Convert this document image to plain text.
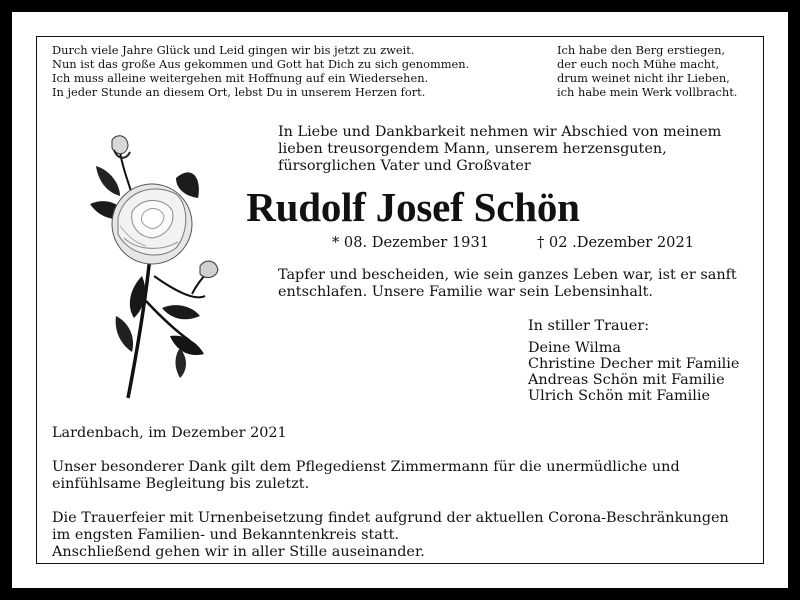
Durch viele Jahre Glück und Leid gingen wir bis jetzt zu zweit.
Nun ist das große Aus gekommen und Gott hat Dich zu sich genommen.
Ich muss alleine weitergehen mit Hoffnung auf ein Wiedersehen.
In jeder Stunde an diesem Ort, lebst Du in unserem Herzen fort.
Ich habe den Berg erstiegen,
der euch noch Mühe macht,
drum weinet nicht ihr Lieben,
ich habe mein Werk vollbracht.
In Liebe und Dankbarkeit nehmen wir Abschied von meinem
lieben treusorgendem Mann, unserem herzensguten,
fürsorglichen Vater und Großvater
Rudolf Josef Schön
* 08. Dezember 1931	† 02 .Dezember 2021
Tapfer und bescheiden, wie sein ganzes Leben war, ist er sanft
entschlafen. Unsere Familie war sein Lebensinhalt.
In stiller Trauer:
Deine Wilma
Christine Decher mit Familie
Andreas Schön mit Familie
Ulrich Schön mit Familie
Lardenbach, im Dezember 2021
Unser besonderer Dank gilt dem Pflegedienst Zimmermann für die unermüdliche und
einfühlsame Begleitung bis zuletzt.
Die Trauerfeier mit Urnenbeisetzung findet aufgrund der aktuellen Corona-Beschränkungen
im engsten Familien- und Bekanntenkreis statt.
Anschließend gehen wir in aller Stille auseinander.
